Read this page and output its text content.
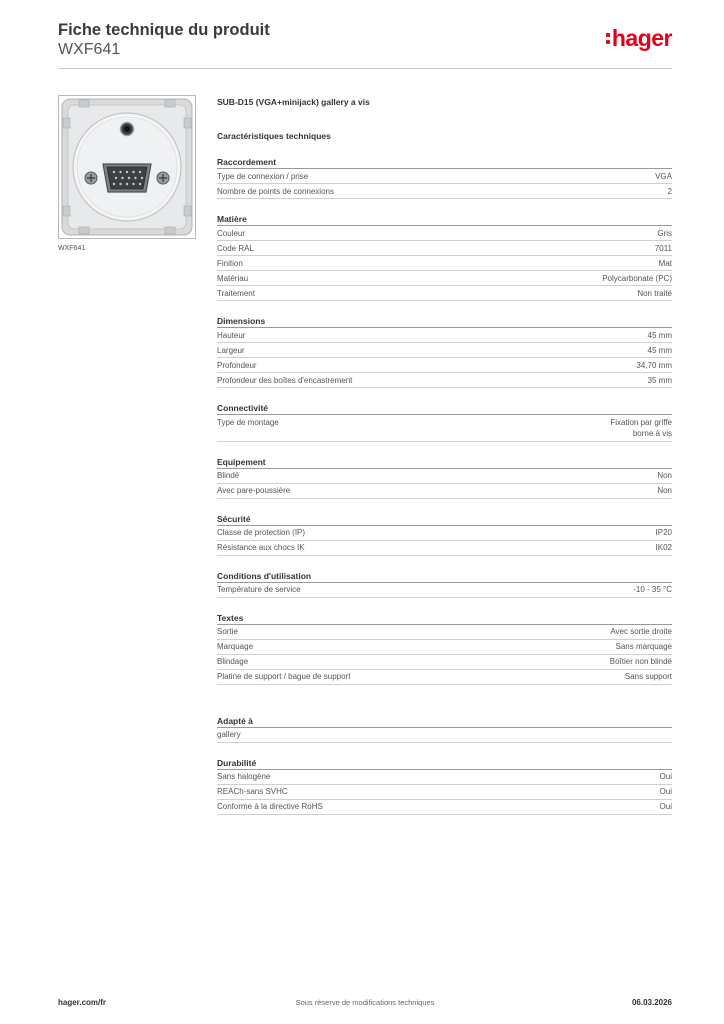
Fiche technique du produit
WXF641	hager
WXF641
SUB-D15 (VGA+minijack) gallery a vis
Caractéristiques techniques
Raccordement
Type de connexion / prise	VGA
Nombre de points de connexions	2
Matière
Couleur	Gris
Code RAL	7011
Finition	Mat
Matériau	Polycarbonate (PC)
Traitement	Non traité
Dimensions
Hauteur	45 mm
Largeur	45 mm
Profondeur	34,70 mm
Profondeur des boîtes d'encastrement	35 mm
Connectivité
Type de montage	Fixation par griffe
borne à vis
Equipement
Blindé	Non
Avec pare-poussière	Non
Sécurité
Classe de protection (IP)	IP20
Résistance aux chocs IK	IK02
Conditions d'utilisation
Température de service	-10 - 35 °C
Textes
Sortie	Avec sortie droite
Marquage	Sans marquage
Blindage	Boîtier non blindé
Platine de support / bague de support	Sans support
Adapté à
gallery
Durabilité
Sans halogène	Oui
REACh-sans SVHC	Oui
Conforme à la directive RoHS	Oui
hager.com/fr	Sous réserve de modifications techniques	06.03.2026
